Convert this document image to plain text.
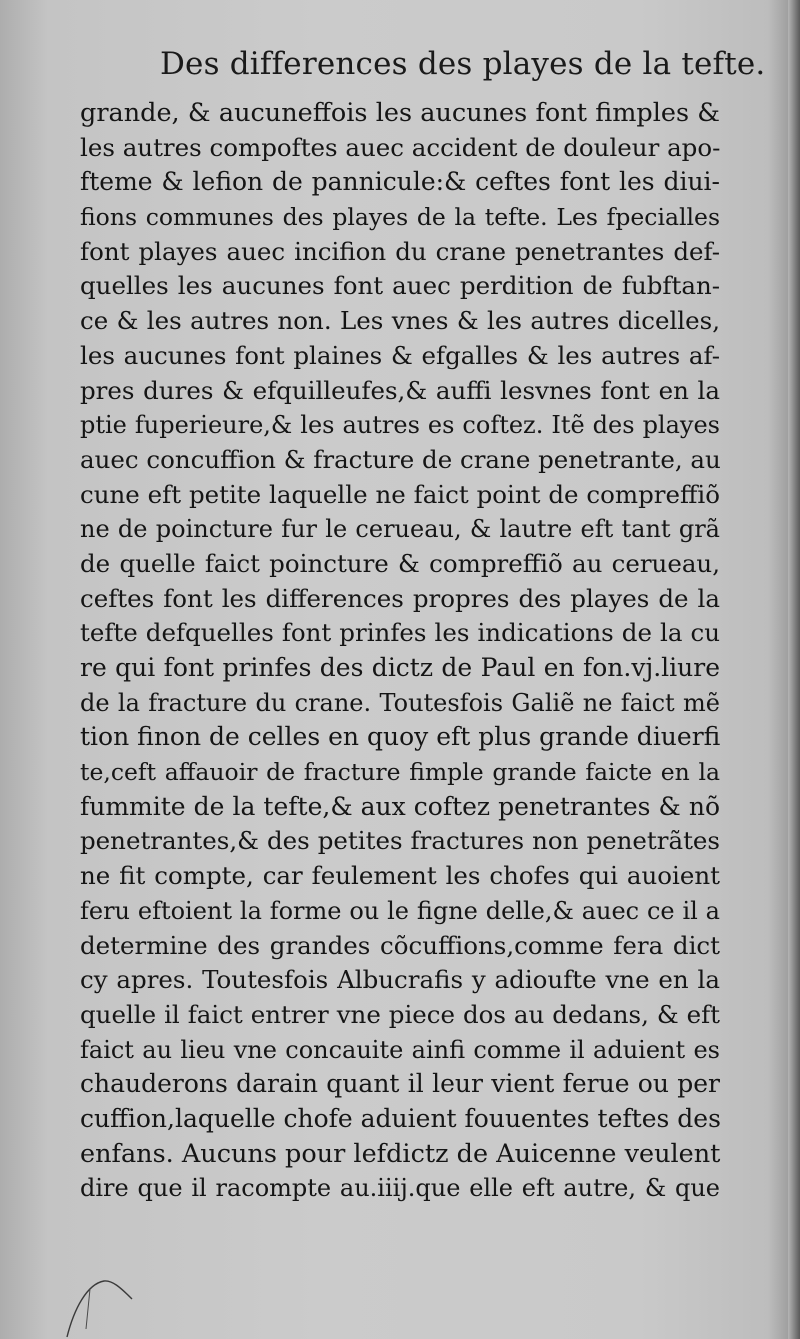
Des differences des playes de la tefte.
grande, & aucuneffois les aucunes font fimples &
les autres compoftes auec accident de douleur apo-
fteme & lefion de pannicule:& ceftes font les diui-
fions communes des playes de la tefte. Les fpecialles
font playes auec incifion du crane penetrantes def-
quelles les aucunes font auec perdition de fubftan-
ce & les autres non. Les vnes & les autres dicelles,
les aucunes font plaines & efgalles & les autres af-
pres dures & efquilleufes,& auffi lesvnes font en la
ptie fuperieure,& les autres es coftez. Itẽ des playes
auec concuffion & fracture de crane penetrante, au
cune eft petite laquelle ne faict point de compreffiõ
ne de poincture fur le cerueau, & lautre eft tant grã
de quelle faict poincture & compreffiõ au cerueau,
ceftes font les differences propres des playes de la
tefte defquelles font prinfes les indications de la cu
re qui font prinfes des dictz de Paul en fon.vj.liure
de la fracture du crane. Toutesfois Galiẽ ne faict mẽ
tion finon de celles en quoy eft plus grande diuerfi
te,ceft affauoir de fracture fimple grande faicte en la
fummite de la tefte,& aux coftez penetrantes & nõ
penetrantes,& des petites fractures non penetrãtes
ne fit compte, car feulement les chofes qui auoient
feru eftoient la forme ou le figne delle,& auec ce il a
determine des grandes cõcuffions,comme fera dict
cy apres. Toutesfois Albucrafis y adioufte vne en la
quelle il faict entrer vne piece dos au dedans, & eft
faict au lieu vne concauite ainfi comme il aduient es
chauderons darain quant il leur vient ferue ou per
cuffion,laquelle chofe aduient fouuentes teftes des
enfans. Aucuns pour lefdictz de Auicenne veulent
dire que il racompte au.iiij.que elle eft autre, & que
